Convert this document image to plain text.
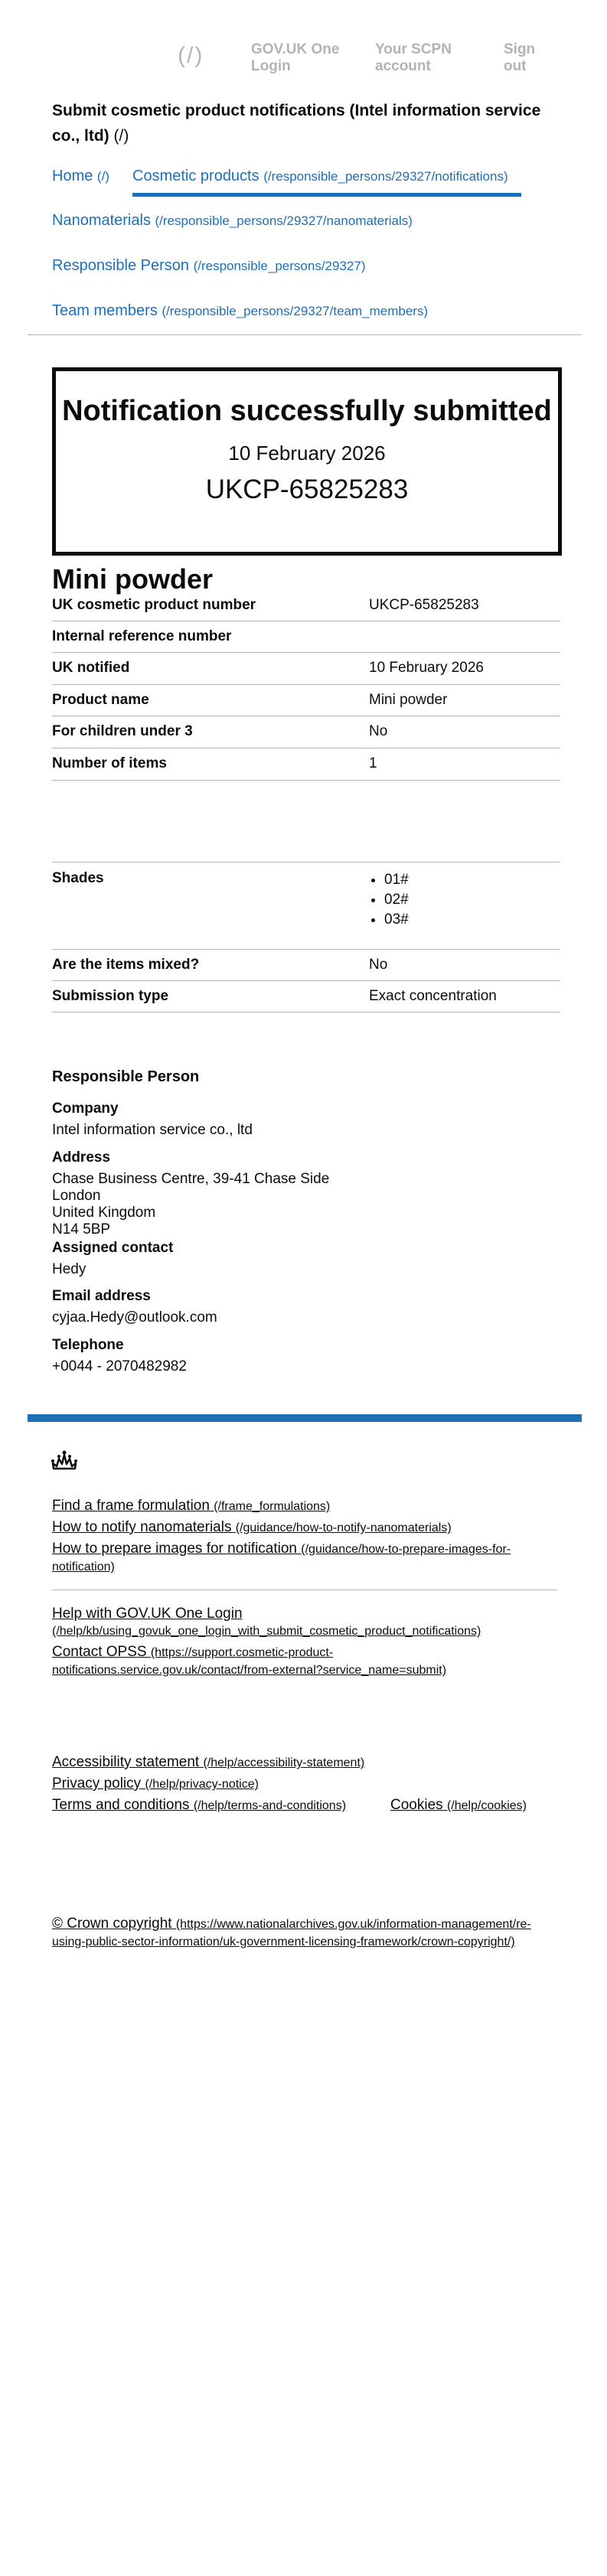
(/)	GOV.UK One Login
Your SCPN account
Sign out
Submit cosmetic product notifications (Intel information service co., ltd) (/)
Home (/) Cosmetic products (/responsible_persons/29327/notifications)
Nanomaterials (/responsible_persons/29327/nanomaterials)
Responsible Person (/responsible_persons/29327)
Team members (/responsible_persons/29327/team_members)
Notification successfully submitted
10 February 2026
UKCP-65825283
Mini powder
UK cosmetic product number	UKCP-65825283
Internal reference number
UK notified	10 February 2026
Product name	Mini powder
For children under 3	No
Number of items	1
Shades
•	01#
• 02#
• 03#
Are the items mixed?	No
Submission type	Exact concentration
Responsible Person
Company
Intel information service co., ltd
Address
Chase Business Centre, 39-41 Chase Side
London
United Kingdom
N14 5BP
Assigned contact
Hedy
Email address
cyjaa.Hedy@outlook.com
Telephone
+0044 - 2070482982
Find a frame formulation (/frame_formulations)
How to notify nanomaterials (/guidance/how-to-notify-nanomaterials)
How to prepare images for notification (/guidance/how-to-prepare-images-for-notification)
Help with GOV.UK One Login (/help/kb/using_govuk_one_login_with_submit_cosmetic_product_notifications)
Contact OPSS (https://support.cosmetic-product-notifications.service.gov.uk/contact/from-external?service_name=submit)
Accessibility statement (/help/accessibility-statement)
Privacy policy (/help/privacy-notice)
Terms and conditions (/help/terms-and-conditions)	Cookies (/help/cookies)
© Crown copyright (https://www.nationalarchives.gov.uk/information-management/re-using-public-sector-information/uk-government-licensing-framework/crown-copyright/)
